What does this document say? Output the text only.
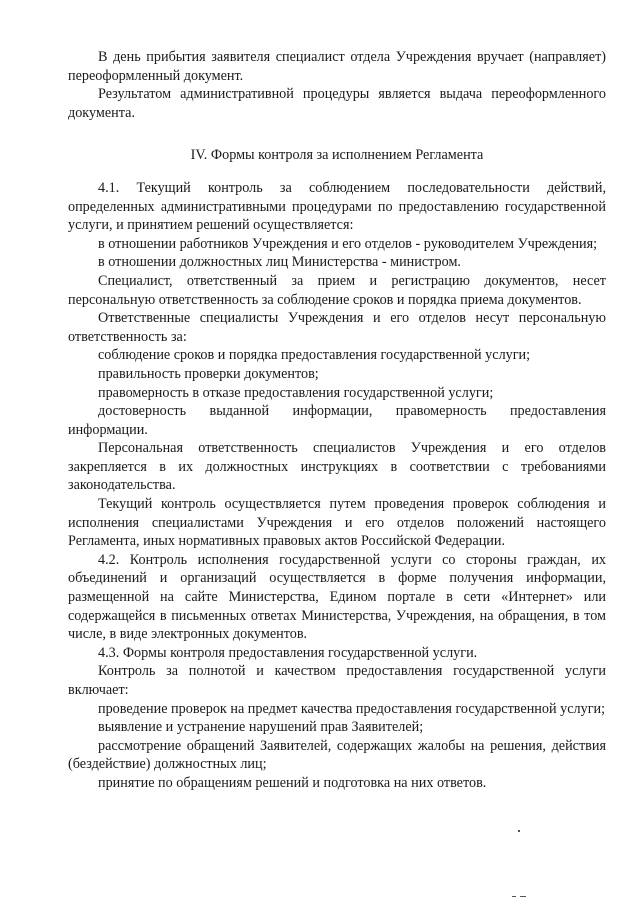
В день прибытия заявителя специалист отдела Учреждения вручает (направляет) переоформленный документ.

Результатом административной процедуры является выдача переоформленного документа.

IV. Формы контроля за исполнением Регламента

4.1. Текущий контроль за соблюдением последовательности действий, определенных административными процедурами по предоставлению государственной услуги, и принятием решений осуществляется:

в отношении работников Учреждения и его отделов - руководителем Учреждения;

в отношении должностных лиц Министерства - министром.

Специалист, ответственный за прием и регистрацию документов, несет персональную ответственность за соблюдение сроков и порядка приема документов.

Ответственные специалисты Учреждения и его отделов несут персональную ответственность за:

соблюдение сроков и порядка предоставления государственной услуги;

правильность проверки документов;

правомерность в отказе предоставления государственной услуги;

достоверность выданной информации, правомерность предоставления информации.

Персональная ответственность специалистов Учреждения и его отделов закрепляется в их должностных инструкциях в соответствии с требованиями законодательства.

Текущий контроль осуществляется путем проведения проверок соблюдения и исполнения специалистами Учреждения и его отделов положений настоящего Регламента, иных нормативных правовых актов Российской Федерации.

4.2. Контроль исполнения государственной услуги со стороны граждан, их объединений и организаций осуществляется в форме получения информации, размещенной на сайте Министерства, Едином портале в сети «Интернет» или содержащейся в письменных ответах Министерства, Учреждения, на обращения, в том числе, в виде электронных документов.

4.3. Формы контроля предоставления государственной услуги.

Контроль за полнотой и качеством предоставления государственной услуги включает:

проведение проверок на предмет качества предоставления государственной услуги;

выявление и устранение нарушений прав Заявителей;

рассмотрение обращений Заявителей, содержащих жалобы на решения, действия (бездействие) должностных лиц;

принятие по обращениям решений и подготовка на них ответов.
